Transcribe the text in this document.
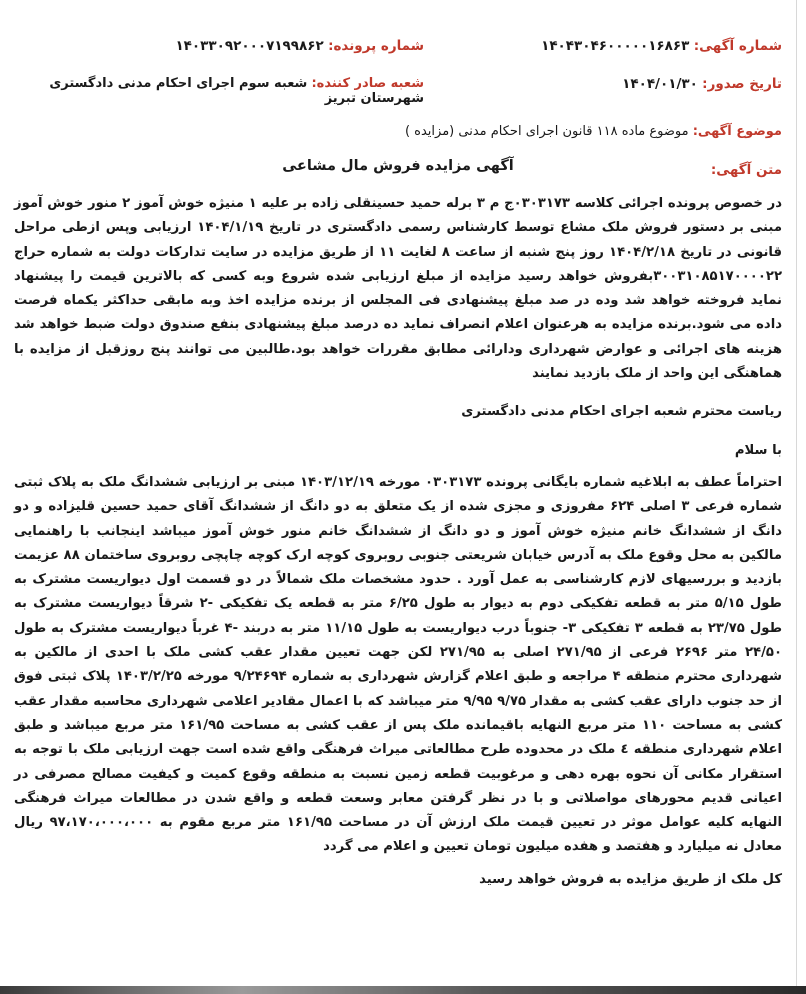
شماره آگهی: ۱۴۰۴۳۰۴۶۰۰۰۰۰۱۶۸۶۳
شماره پرونده: ۱۴۰۳۳۰۹۲۰۰۰۷۱۹۹۸۶۲
تاریخ صدور: ۱۴۰۴/۰۱/۳۰
شعبه صادر کننده: شعبه سوم اجرای احکام مدنی دادگستری شهرستان تبریز
موضوع آگهی: موضوع ماده ۱۱۸ قانون اجرای احکام مدنی (مزایده )
متن آگهی:
آگهی مزایده فروش مال مشاعی

در خصوص پرونده اجرائی کلاسه ۰۳۰۳۱۷۳ج م ۳ برله حمید حسینقلی زاده بر علیه ۱ منیژه خوش آموز ۲ منور خوش آموز مبنی بر دستور فروش ملک مشاع توسط کارشناس رسمی دادگستری در تاریخ ۱۴۰۴/۱/۱۹ ارزیابی وپس ازطی مراحل قانونی در تاریخ ۱۴۰۴/۲/۱۸ روز پنج شنبه از ساعت ۸ لغایت ۱۱ از طریق مزایده در سایت تدارکات دولت به شماره حراج ۳۰۰۳۱۰۸۵۱۷۰۰۰۰۲۲بفروش خواهد رسید مزایده از مبلغ ارزیابی شده شروع وبه کسی که بالاترین قیمت را پیشنهاد نماید فروخته خواهد شد وده در صد مبلغ پیشنهادی فی المجلس از برنده مزایده اخذ وبه مابقی حداکثر یکماه فرصت داده می شود.برنده مزایده به هرعنوان اعلام انصراف نماید ده درصد مبلغ پیشنهادی بنفع صندوق دولت ضبط خواهد شد هزینه های اجرائی و عوارض شهرداری ودارائی مطابق مقررات خواهد بود.طالبین می توانند پنج روزقبل از مزایده با هماهنگی این واحد از ملک بازدید نمایند

ریاست محترم شعبه اجرای احکام مدنی دادگستری

با سلام

احتراماً عطف به ابلاغیه شماره بایگانی پرونده ۰۳۰۳۱۷۳ مورخه ۱۴۰۳/۱۲/۱۹ مبنی بر ارزیابی ششدانگ ملک به پلاک ثبتی شماره فرعی ۳ اصلی ۶۲۴ مفروزی و مجزی شده از یک متعلق به دو دانگ از ششدانگ آقای حمید حسین قلیزاده و دو دانگ از ششدانگ خانم منیژه خوش آموز و دو دانگ از ششدانگ خانم منور خوش آموز میباشد اینجانب با راهنمایی مالکین به محل وقوع ملک به آدرس خیابان شریعتی جنوبی روبروی کوچه ارک کوچه چاپچی روبروی ساختمان ۸۸ عزیمت بازدید و بررسیهای لازم کارشناسی به عمل آورد . حدود مشخصات ملک شمالاً در دو قسمت اول دیواریست مشترک به طول ۵/۱۵ متر به قطعه تفکیکی دوم به دیوار به طول ۶/۲۵ متر به قطعه یک تفکیکی -۲ شرقاً دیواریست مشترک به طول ۲۳/۷۵ به قطعه ۳ تفکیکی ۳- جنوباً درب دیواریست به طول ۱۱/۱۵ متر به دربند -۴ غرباً دیواریست مشترک به طول ۲۴/۵۰ متر ۲۶۹۶ فرعی از ۲۷۱/۹۵ اصلی به ۲۷۱/۹۵ لکن جهت تعیین مقدار عقب کشی ملک با احدی از مالکین به شهرداری محترم منطقه ۴ مراجعه و طبق اعلام گزارش شهرداری به شماره ۹/۲۴۶۹۴ مورخه ۱۴۰۳/۲/۲۵ پلاک ثبتی فوق از حد جنوب دارای عقب کشی به مقدار ۹/۷۵ ۹/۹۵ متر میباشد که با اعمال مقادیر اعلامی شهرداری محاسبه مقدار عقب کشی به مساحت ۱۱۰ متر مربع النهایه باقیمانده ملک پس از عقب کشی به مساحت ۱۶۱/۹۵ متر مربع میباشد و طبق اعلام شهرداری منطقه ٤ ملک در محدوده طرح مطالعاتی میراث فرهنگی واقع شده است جهت ارزیابی ملک با توجه به استقرار مکانی آن نحوه بهره دهی و مرغوبیت قطعه زمین نسبت به منطقه وقوع کمیت و کیفیت مصالح مصرفی در اعیانی قدیم محورهای مواصلاتی و با در نظر گرفتن معابر وسعت قطعه و واقع شدن در مطالعات میراث فرهنگی النهایه کلیه عوامل موثر در تعیین قیمت ملک ارزش آن در مساحت ۱۶۱/۹۵ متر مربع مقوم به ۹۷،۱۷۰،۰۰۰،۰۰۰ ریال معادل نه میلیارد و هفتصد و هفده میلیون تومان تعیین و اعلام می گردد

کل ملک از طریق مزایده به فروش خواهد رسید
